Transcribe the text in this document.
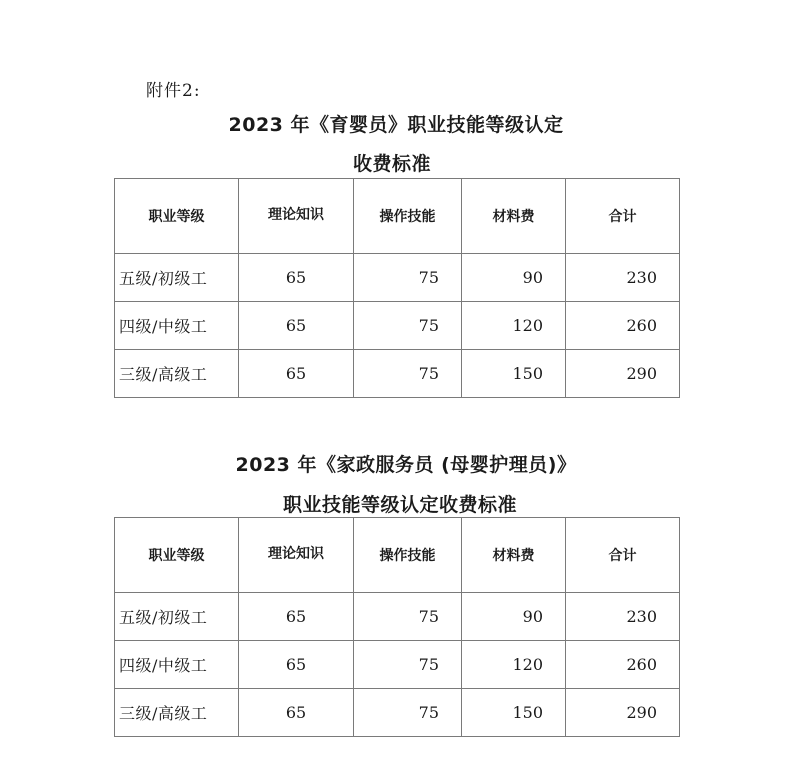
附件2:
2023 年《育婴员》职业技能等级认定
收费标准
职业等级	理论知识	操作技能	材料费	合计
五级/初级工	65	75	90	230
四级/中级工	65	75	120	260
三级/高级工	65	75	150	290
2023 年《家政服务员 (母婴护理员)》
职业技能等级认定收费标准
职业等级	理论知识	操作技能	材料费	合计
五级/初级工	65	75	90	230
四级/中级工	65	75	120	260
三级/高级工	65	75	150	290
